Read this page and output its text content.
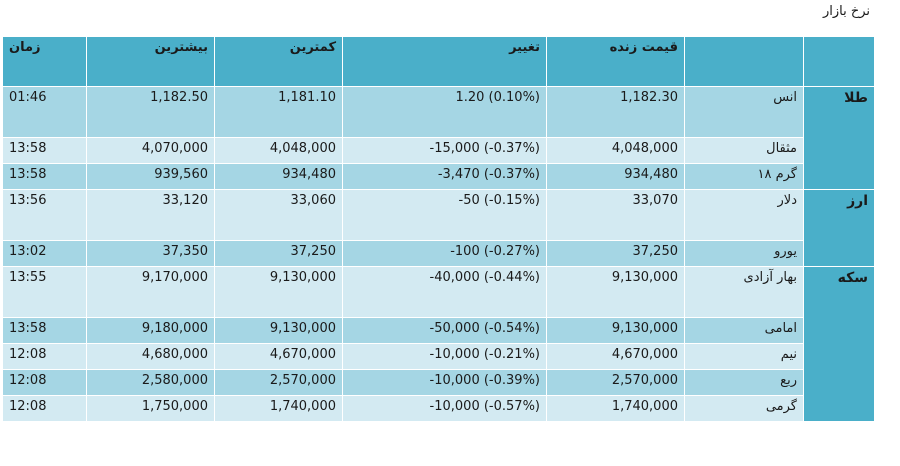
نرخ بازار
زمان	بیشترین	کمترین	تغییر	قیمت زنده		
01:46	1,182.50	1,181.10	1.20 (0.10%)	1,182.30	انس	طلا
13:58	4,070,000	4,048,000	-15,000 (-0.37%)	4,048,000	مثقال	
13:58	939,560	934,480	-3,470 (-0.37%)	934,480	گرم ۱۸	
13:56	33,120	33,060	-50 (-0.15%)	33,070	دلار	ارز
13:02	37,350	37,250	-100 (-0.27%)	37,250	یورو	
13:55	9,170,000	9,130,000	-40,000 (-0.44%)	9,130,000	بهار آزادی	سکه
13:58	9,180,000	9,130,000	-50,000 (-0.54%)	9,130,000	امامی	
12:08	4,680,000	4,670,000	-10,000 (-0.21%)	4,670,000	نیم	
12:08	2,580,000	2,570,000	-10,000 (-0.39%)	2,570,000	ربع	
12:08	1,750,000	1,740,000	-10,000 (-0.57%)	1,740,000	گرمی	
